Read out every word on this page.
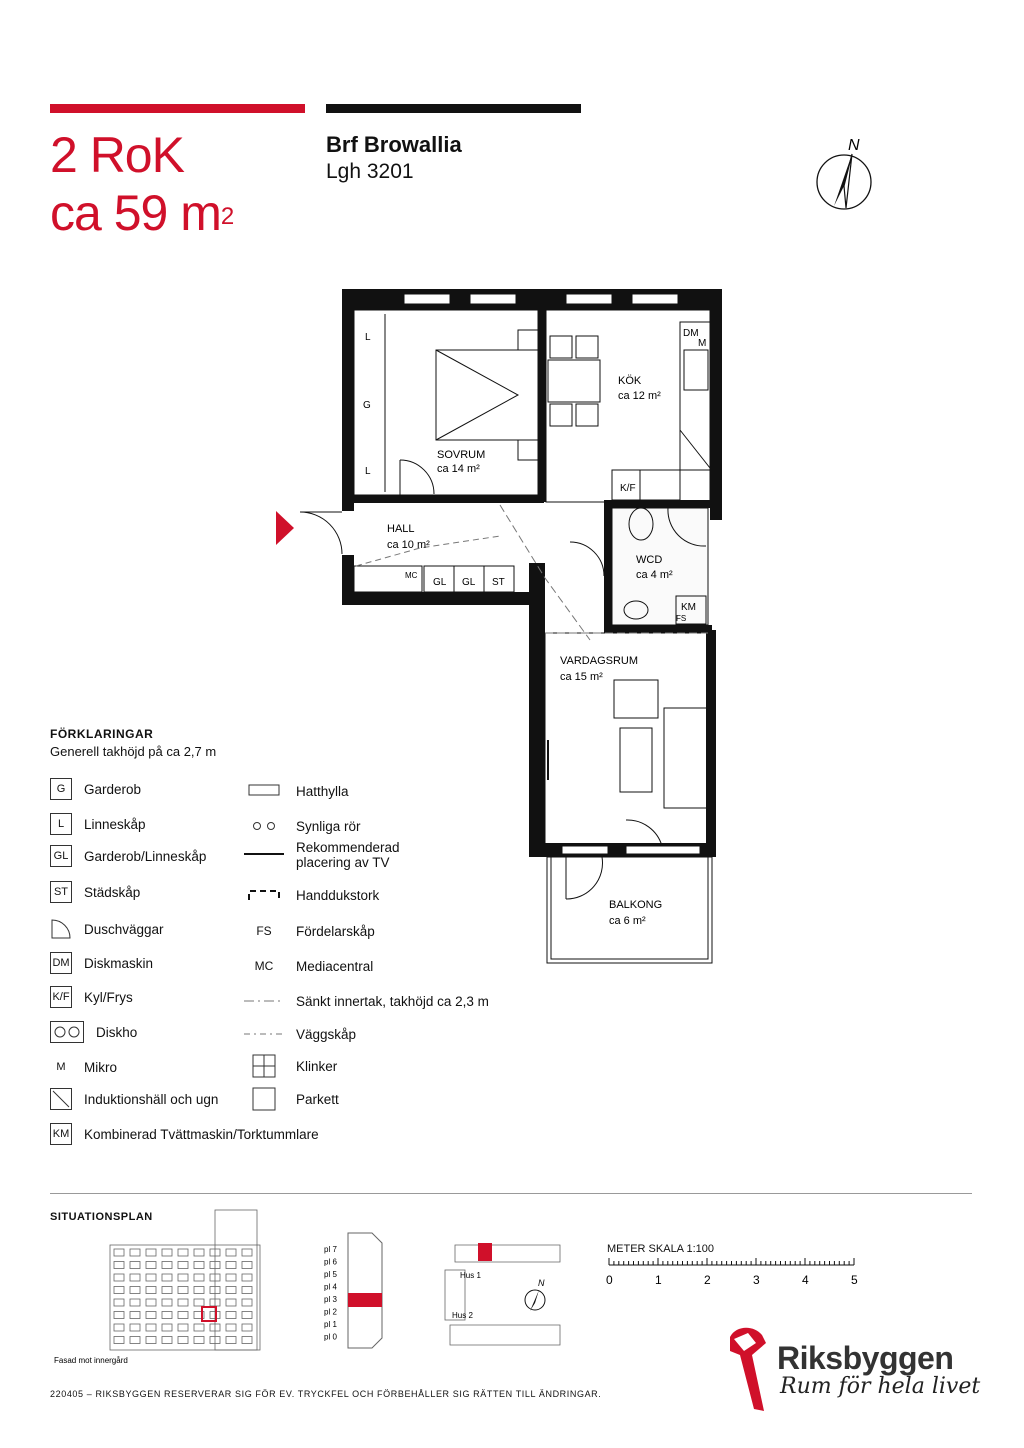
2 RoK
ca 59 $m^2$
Brf Browallia
Lgh 3201
N
L
G
L
DM
M
K/F
MC
GL GL ST
KM
FS
SOVRUM
ca 14 m²
KÖK
ca 12 m²
HALL
ca 10 m²
WCD
ca 4 m²
VARDAGSRUM
ca 15 m²
BALKONG
ca 6 m²
FÖRKLARINGAR
Generell takhöjd på ca 2,7 m
G	Garderob
L	Linneskåp
GL Garderob/Linneskåp
ST Städskåp
Duschväggar
DM Diskmaskin
K/F Kyl/Frys
Diskho
M	Mikro
Induktionshäll och ugn
KM Kombinerad Tvättmaskin/Torktummlare
Hatthylla
Synliga rör
Rekommenderad
placering av TV
Handdukstork
FS	Fördelarskåp
MC	Mediacentral
Sänkt innertak, takhöjd ca 2,3 m
Väggskåp
Klinker
Parkett
SITUATIONSPLAN
Fasad mot innergård
pl 7
pl 6
pl 5
pl 4
pl 3
pl 2
pl 1
pl 0
Hus 1
Hus 2
N
METER SKALA 1:100
0	1	2	3	4	5
Riksbyggen
Rum för hela livet
220405 – RIKSBYGGEN RESERVERAR SIG FÖR EV. TRYCKFEL OCH FÖRBEHÅLLER SIG RÄTTEN TILL ÄNDRINGAR.
